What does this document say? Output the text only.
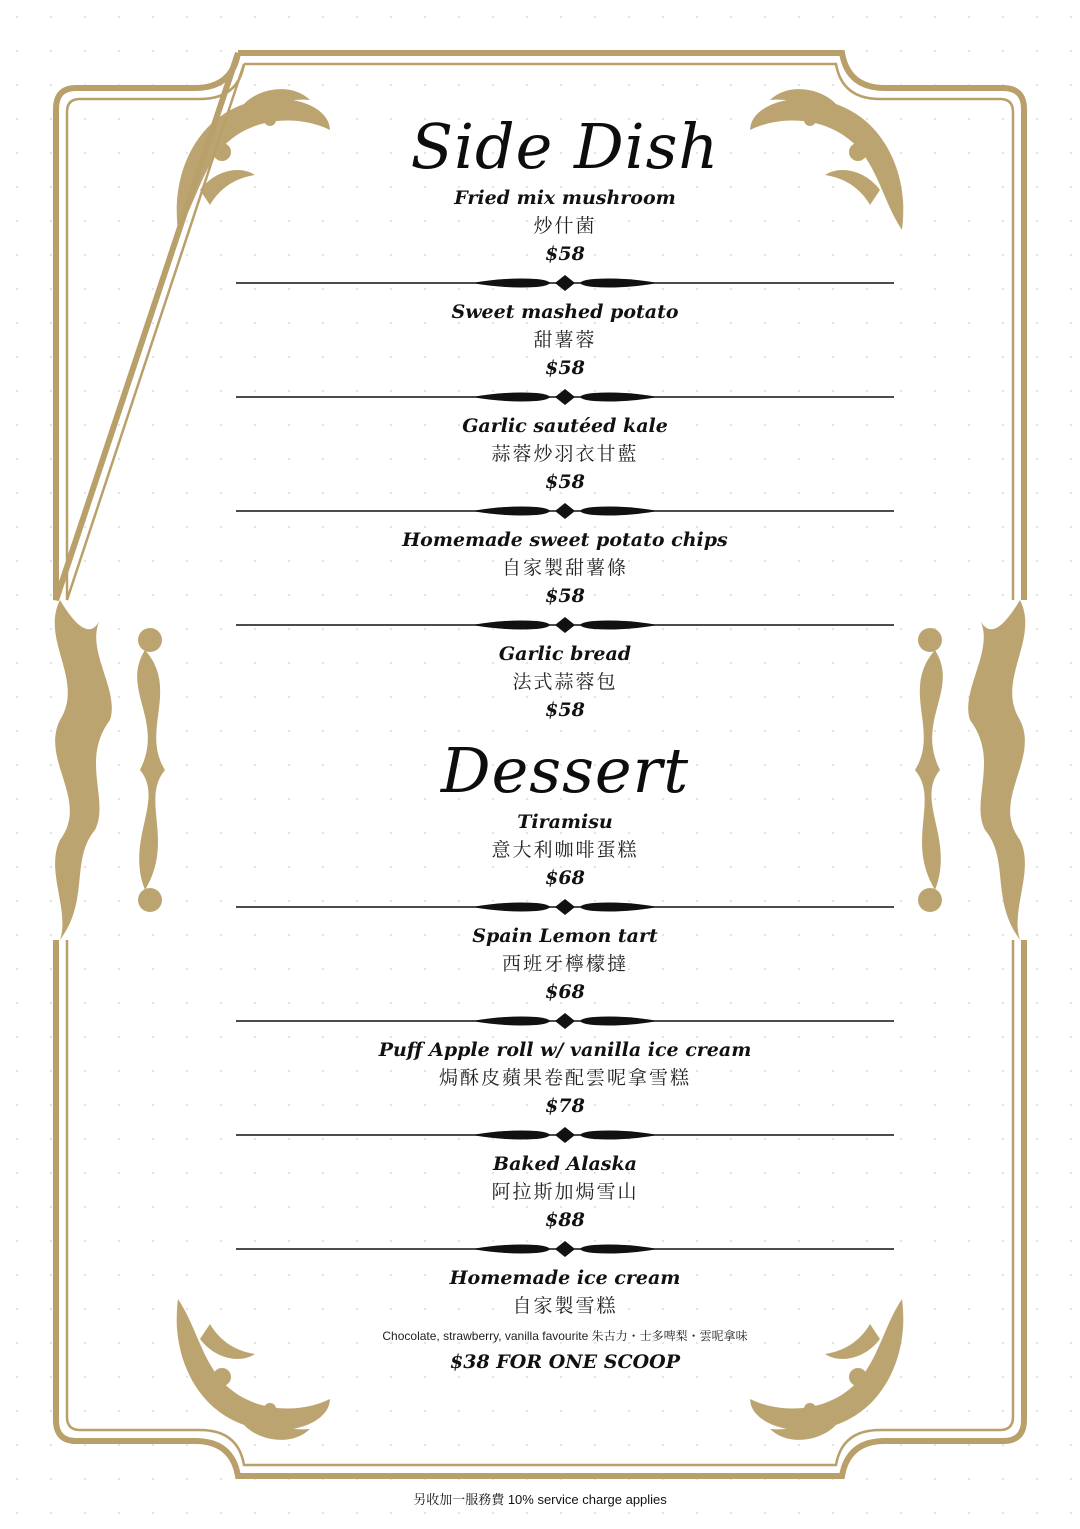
Side Dish
Fried mix mushroom
炒什菌
$58
Sweet mashed potato
甜薯蓉
$58
Garlic sautéed kale
蒜蓉炒羽衣甘藍
$58
Homemade sweet potato chips
自家製甜薯條
$58
Garlic bread
法式蒜蓉包
$58
Dessert
Tiramisu
意大利咖啡蛋糕
$68
Spain Lemon tart
西班牙檸檬撻
$68
Puff Apple roll w/ vanilla ice cream
焗酥皮蘋果卷配雲呢拿雪糕
$78
Baked Alaska
阿拉斯加焗雪山
$88
Homemade ice cream
自家製雪糕
Chocolate, strawberry, vanilla favourite 朱古力・士多啤梨・雲呢拿味
$38 FOR ONE SCOOP
另收加一服務費 10% service charge applies
